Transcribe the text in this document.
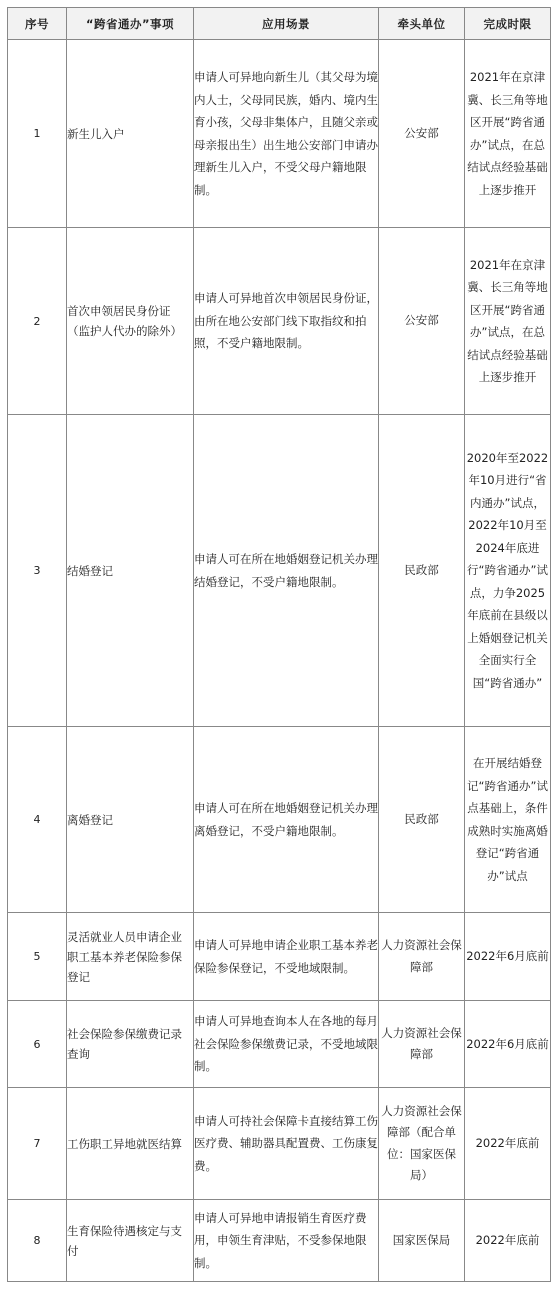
序号	“跨省通办”事项	应用场景	牵头单位	完成时限
1	新生儿入户	申请人可异地向新生儿（其父母为境内人士，父母同民族，婚内、境内生育小孩，父母非集体户，且随父亲或母亲报出生）出生地公安部门申请办理新生儿入户，不受父母户籍地限制。	公安部	2021年在京津冀、长三角等地区开展“跨省通办”试点，在总结试点经验基础上逐步推开
2	首次申领居民身份证（监护人代办的除外）	申请人可异地首次申领居民身份证，由所在地公安部门线下取指纹和拍照，不受户籍地限制。	公安部	2021年在京津冀、长三角等地区开展“跨省通办”试点，在总结试点经验基础上逐步推开
3	结婚登记	申请人可在所在地婚姻登记机关办理结婚登记，不受户籍地限制。	民政部	2020年至2022年10月进行“省内通办”试点，2022年10月至2024年底进行“跨省通办”试点，力争2025年底前在县级以上婚姻登记机关全面实行全国“跨省通办”
4	离婚登记	申请人可在所在地婚姻登记机关办理离婚登记，不受户籍地限制。	民政部	在开展结婚登记“跨省通办”试点基础上，条件成熟时实施离婚登记“跨省通办”试点
5	灵活就业人员申请企业职工基本养老保险参保登记	申请人可异地申请企业职工基本养老保险参保登记，不受地域限制。	人力资源社会保障部	2022年6月底前
6	社会保险参保缴费记录查询	申请人可异地查询本人在各地的每月社会保险参保缴费记录，不受地域限制。	人力资源社会保障部	2022年6月底前
7	工伤职工异地就医结算	申请人可持社会保障卡直接结算工伤医疗费、辅助器具配置费、工伤康复费。	人力资源社会保障部（配合单位：国家医保局）	2022年底前
8	生育保险待遇核定与支付	申请人可异地申请报销生育医疗费用，申领生育津贴，不受参保地限制。	国家医保局	2022年底前
